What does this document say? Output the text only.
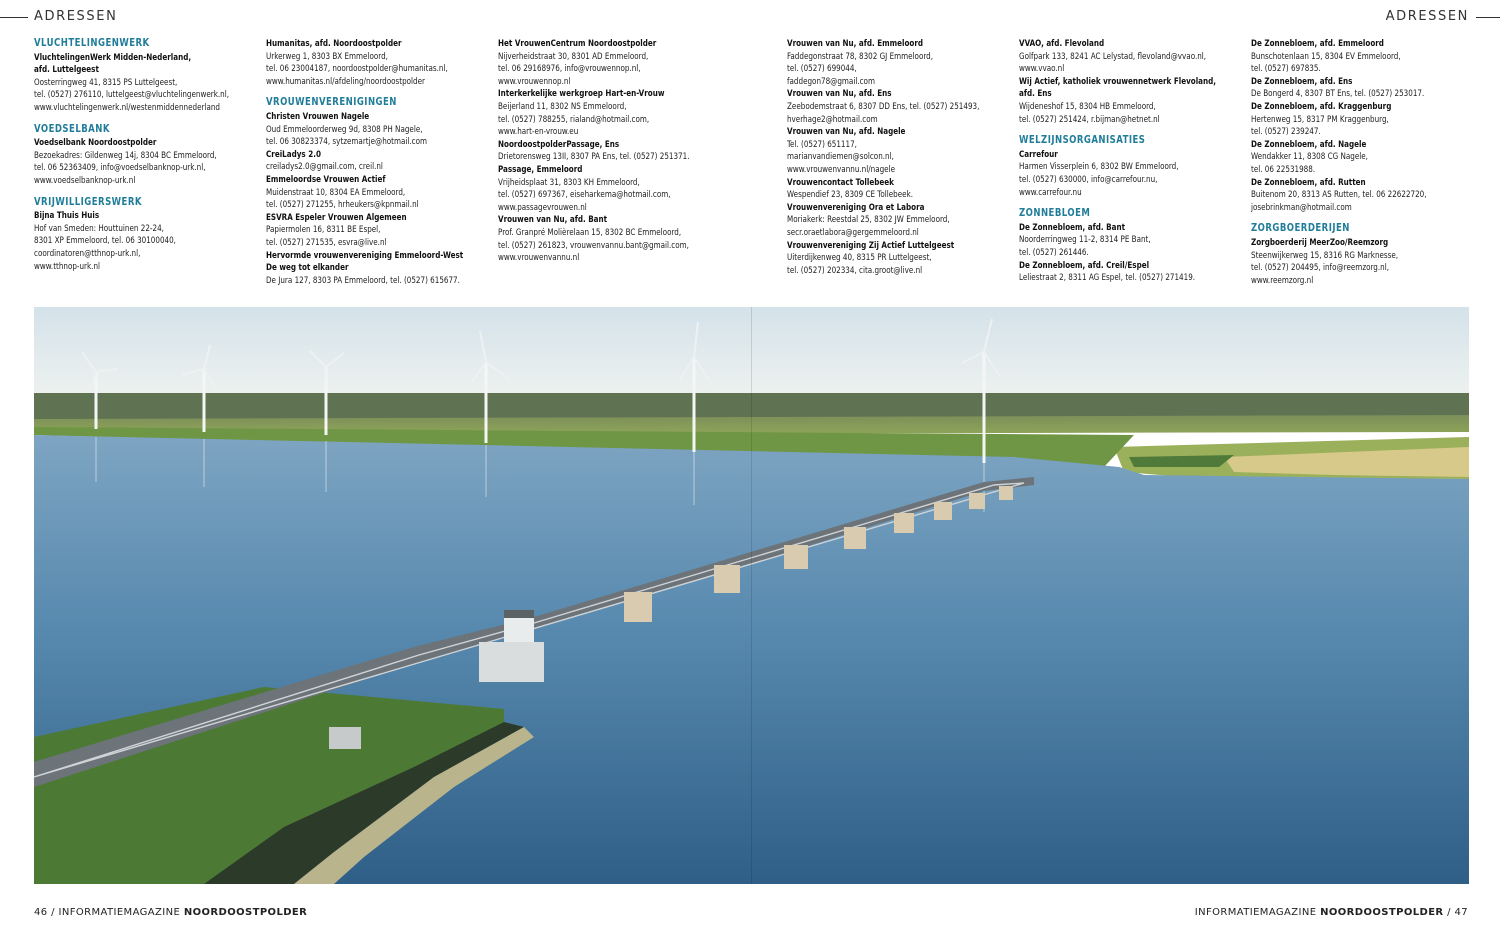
ADRESSEN	ADRESSEN
VLUCHTELINGENWERK
VluchtelingenWerk Midden-Nederland,
afd. Luttelgeest
Oosterringweg 41, 8315 PS Luttelgeest,
tel. (0527) 276110, luttelgeest@vluchtelingenwerk.nl,
www.vluchtelingenwerk.nl/westenmiddennederland
VOEDSELBANK
Voedselbank Noordoostpolder
Bezoekadres: Gildenweg 14j, 8304 BC Emmeloord,
tel. 06 52363409, info@voedselbanknop-urk.nl,
www.voedselbanknop-urk.nl
VRIJWILLIGERSWERK
Bijna Thuis Huis
Hof van Smeden: Houttuinen 22-24,
8301 XP Emmeloord, tel. 06 30100040,
coordinatoren@tthnop-urk.nl,
www.tthnop-urk.nl
Humanitas, afd. Noordoostpolder
Urkerweg 1, 8303 BX Emmeloord,
tel. 06 23004187, noordoostpolder@humanitas.nl,
www.humanitas.nl/afdeling/noordoostpolder
VROUWENVERENIGINGEN
Christen Vrouwen Nagele
Oud Emmeloorderweg 9d, 8308 PH Nagele,
tel. 06 30823374, sytzemartje@hotmail.com
CreiLadys 2.0
creiladys2.0@gmail.com, creil.nl
Emmeloordse Vrouwen Actief
Muidenstraat 10, 8304 EA Emmeloord,
tel. (0527) 271255, hrheukers@kpnmail.nl
ESVRA Espeler Vrouwen Algemeen
Papiermolen 16, 8311 BE Espel,
tel. (0527) 271535, esvra@live.nl
Hervormde vrouwenvereniging Emmeloord-West
De weg tot elkander
De Jura 127, 8303 PA Emmeloord, tel. (0527) 615677.
Het VrouwenCentrum Noordoostpolder
Nijverheidstraat 30, 8301 AD Emmeloord,
tel. 06 29168976, info@vrouwennop.nl,
www.vrouwennop.nl
Interkerkelijke werkgroep Hart-en-Vrouw
Beijerland 11, 8302 NS Emmeloord,
tel. (0527) 788255, rialand@hotmail.com,
www.hart-en-vrouw.eu
NoordoostpolderPassage, Ens
Drietorensweg 13II, 8307 PA Ens, tel. (0527) 251371.
Passage, Emmeloord
Vrijheidsplaat 31, 8303 KH Emmeloord,
tel. (0527) 697367, eiseharkema@hotmail.com,
www.passagevrouwen.nl
Vrouwen van Nu, afd. Bant
Prof. Granpré Molièrelaan 15, 8302 BC Emmeloord,
tel. (0527) 261823, vrouwenvannu.bant@gmail.com,
www.vrouwenvannu.nl
Vrouwen van Nu, afd. Emmeloord
Faddegonstraat 78, 8302 GJ Emmeloord,
tel. (0527) 699044,
faddegon78@gmail.com
Vrouwen van Nu, afd. Ens
Zeebodemstraat 6, 8307 DD Ens, tel. (0527) 251493,
hverhage2@hotmail.com
Vrouwen van Nu, afd. Nagele
Tel. (0527) 651117,
marianvandiemen@solcon.nl,
www.vrouwenvannu.nl/nagele
Vrouwencontact Tollebeek
Wespendief 23, 8309 CE Tollebeek.
Vrouwenvereniging Ora et Labora
Moriakerk: Reestdal 25, 8302 JW Emmeloord,
secr.oraetlabora@gergemmeloord.nl
Vrouwenvereniging Zij Actief Luttelgeest
Uiterdijkenweg 40, 8315 PR Luttelgeest,
tel. (0527) 202334, cita.groot@live.nl
VVAO, afd. Flevoland
Golfpark 133, 8241 AC Lelystad, flevoland@vvao.nl,
www.vvao.nl
Wij Actief, katholiek vrouwennetwerk Flevoland,
afd. Ens
Wijdeneshof 15, 8304 HB Emmeloord,
tel. (0527) 251424, r.bijman@hetnet.nl
WELZIJNSORGANISATIES
Carrefour
Harmen Visserplein 6, 8302 BW Emmeloord,
tel. (0527) 630000, info@carrefour.nu,
www.carrefour.nu
ZONNEBLOEM
De Zonnebloem, afd. Bant
Noorderringweg 11-2, 8314 PE Bant,
tel. (0527) 261446.
De Zonnebloem, afd. Creil/Espel
Leliestraat 2, 8311 AG Espel, tel. (0527) 271419.
De Zonnebloem, afd. Emmeloord
Bunschotenlaan 15, 8304 EV Emmeloord,
tel. (0527) 697835.
De Zonnebloem, afd. Ens
De Bongerd 4, 8307 BT Ens, tel. (0527) 253017.
De Zonnebloem, afd. Kraggenburg
Hertenweg 15, 8317 PM Kraggenburg,
tel. (0527) 239247.
De Zonnebloem, afd. Nagele
Wendakker 11, 8308 CG Nagele,
tel. 06 22531988.
De Zonnebloem, afd. Rutten
Buitenom 20, 8313 AS Rutten, tel. 06 22622720,
josebrinkman@hotmail.com
ZORGBOERDERIJEN
Zorgboerderij MeerZoo/Reemzorg
Steenwijkerweg 15, 8316 RG Marknesse,
tel. (0527) 204495, info@reemzorg.nl,
www.reemzorg.nl
46 / INFORMATIEMAGAZINE NOORDOOSTPOLDER	INFORMATIEMAGAZINE NOORDOOSTPOLDER / 47
